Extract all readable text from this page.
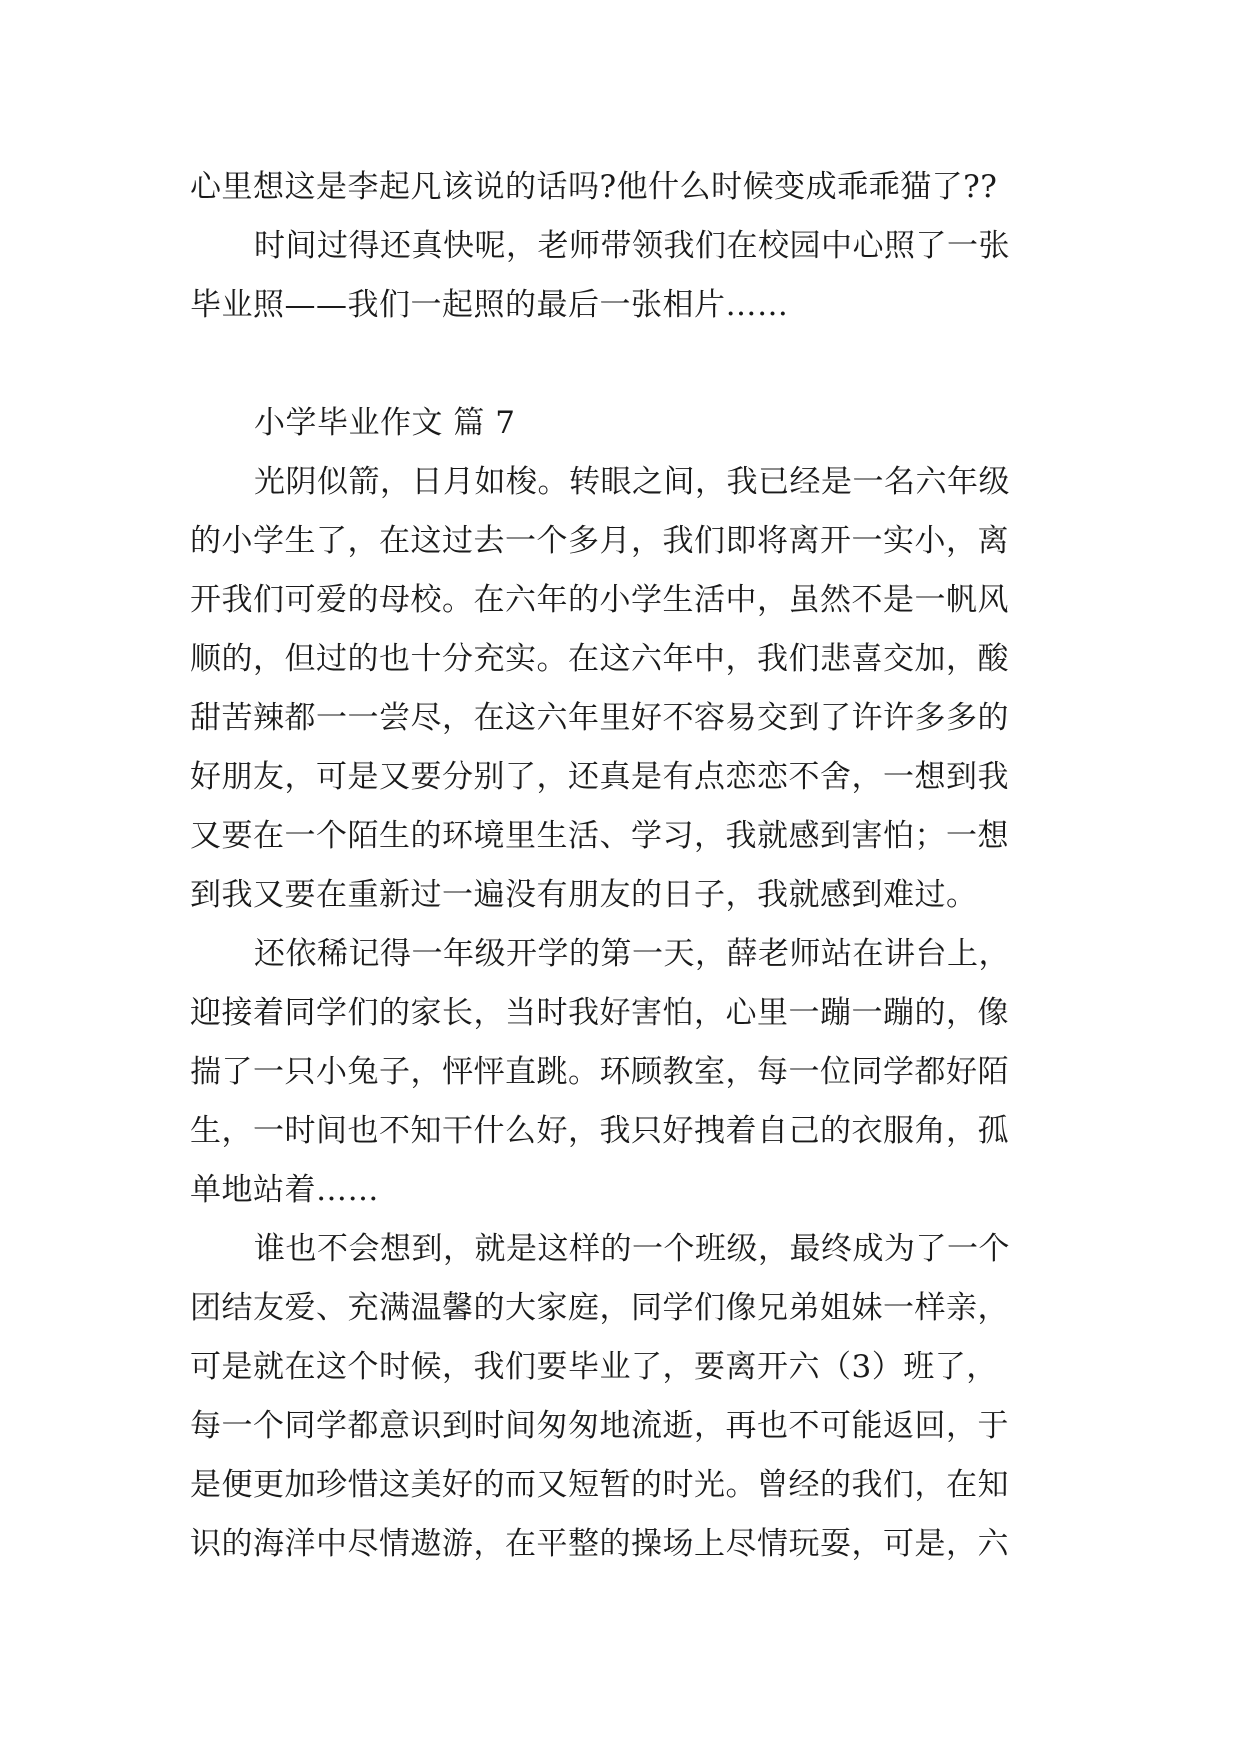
心里想这是李起凡该说的话吗?他什么时候变成乖乖猫了??
时间过得还真快呢，老师带领我们在校园中心照了一张
毕业照——我们一起照的最后一张相片……
小学毕业作文 篇 7
光阴似箭，日月如梭。转眼之间，我已经是一名六年级
的小学生了，在这过去一个多月，我们即将离开一实小，离
开我们可爱的母校。在六年的小学生活中，虽然不是一帆风
顺的，但过的也十分充实。在这六年中，我们悲喜交加，酸
甜苦辣都一一尝尽，在这六年里好不容易交到了许许多多的
好朋友，可是又要分别了，还真是有点恋恋不舍，一想到我
又要在一个陌生的环境里生活、学习，我就感到害怕；一想
到我又要在重新过一遍没有朋友的日子，我就感到难过。
还依稀记得一年级开学的第一天，薛老师站在讲台上，
迎接着同学们的家长，当时我好害怕，心里一蹦一蹦的，像
揣了一只小兔子，怦怦直跳。环顾教室，每一位同学都好陌
生，一时间也不知干什么好，我只好拽着自己的衣服角，孤
单地站着……
谁也不会想到，就是这样的一个班级，最终成为了一个
团结友爱、充满温馨的大家庭，同学们像兄弟姐妹一样亲，
可是就在这个时候，我们要毕业了，要离开六（3）班了，
每一个同学都意识到时间匆匆地流逝，再也不可能返回，于
是便更加珍惜这美好的而又短暂的时光。曾经的我们，在知
识的海洋中尽情遨游，在平整的操场上尽情玩耍，可是，六
